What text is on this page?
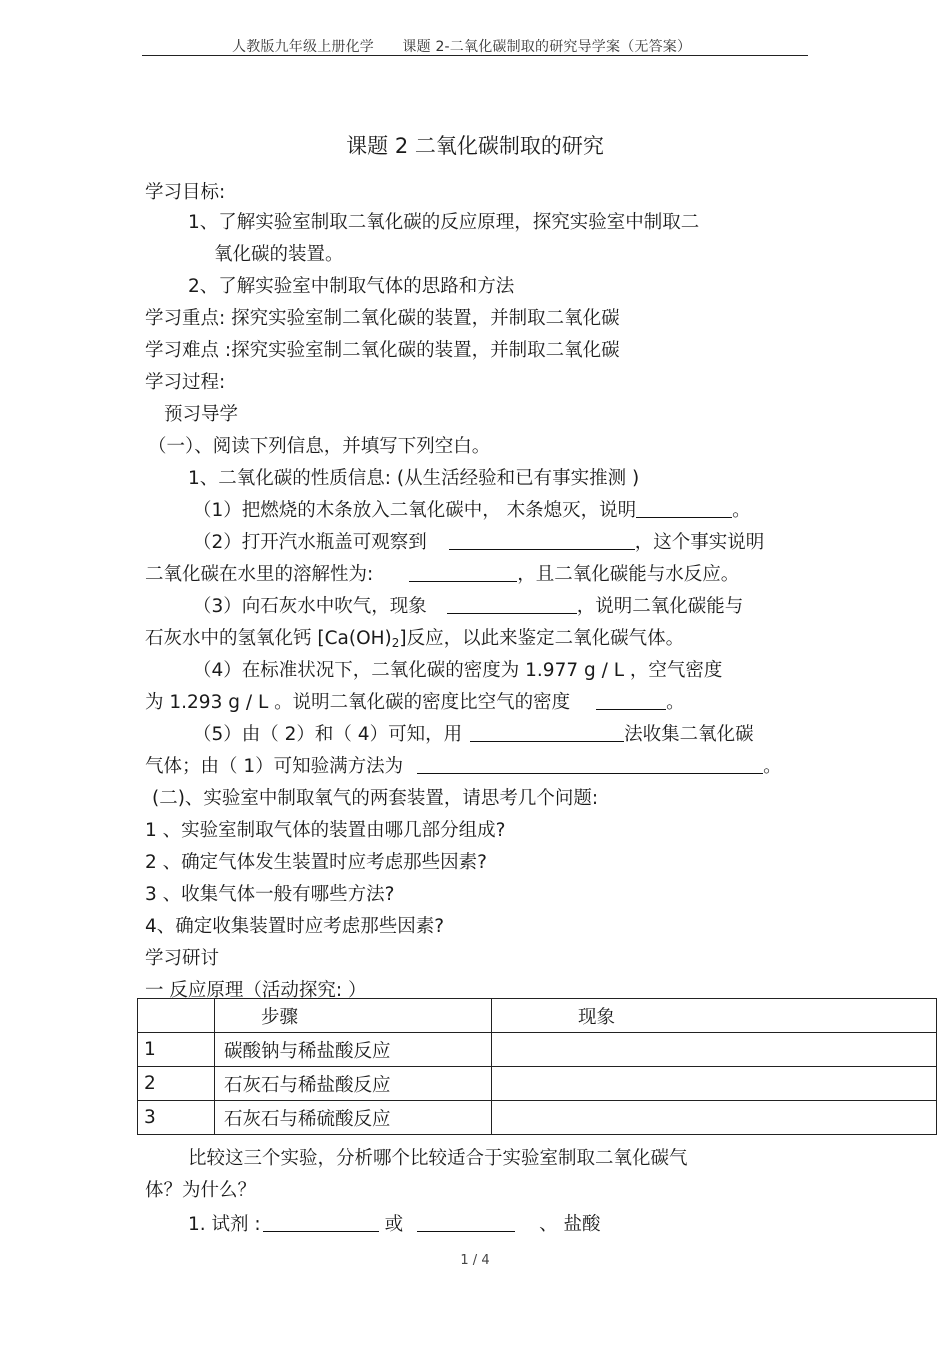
人教版九年级上册化学　　课题 2-二氧化碳制取的研究导学案（无答案）
课题 2 二氧化碳制取的研究
学习目标:
1、了解实验室制取二氧化碳的反应原理，探究实验室中制取二
氧化碳的装置。
2、了解实验室中制取气体的思路和方法
学习重点: 探究实验室制二氧化碳的装置，并制取二氧化碳
学习难点 :探究实验室制二氧化碳的装置，并制取二氧化碳
学习过程:
预习导学
（一）、阅读下列信息，并填写下列空白。
1、二氧化碳的性质信息: (从生活经验和已有事实推测 )
（1）把燃烧的木条放入二氧化碳中， 木条熄灭，说明	。
（2）打开汽水瓶盖可观察到	，这个事实说明
二氧化碳在水里的溶解性为:	，且二氧化碳能与水反应。
（3）向石灰水中吹气，现象	，说明二氧化碳能与
石灰水中的氢氧化钙 [Ca(OH)2]反应，以此来鉴定二氧化碳气体。
（4）在标准状况下，二氧化碳的密度为 1.977 g / L ，空气密度
为 1.293 g / L 。说明二氧化碳的密度比空气的密度	。
（5）由（ 2）和（ 4）可知，用	法收集二氧化碳
气体；由（ 1）可知验满方法为	。
(二)、实验室中制取氧气的两套装置，请思考几个问题:
1 、实验室制取气体的装置由哪几部分组成?
2 、确定气体发生装置时应考虑那些因素?
3 、收集气体一般有哪些方法?
4、确定收集装置时应考虑那些因素?
学习研讨
一 反应原理（活动探究: ）
	步骤	现象
1	碳酸钠与稀盐酸反应	
2	石灰石与稀盐酸反应	
3	石灰石与稀硫酸反应	
比较这三个实验，分析哪个比较适合于实验室制取二氧化碳气
体？为什么？
1. 试剂 :	或	、 盐酸
1 / 4
